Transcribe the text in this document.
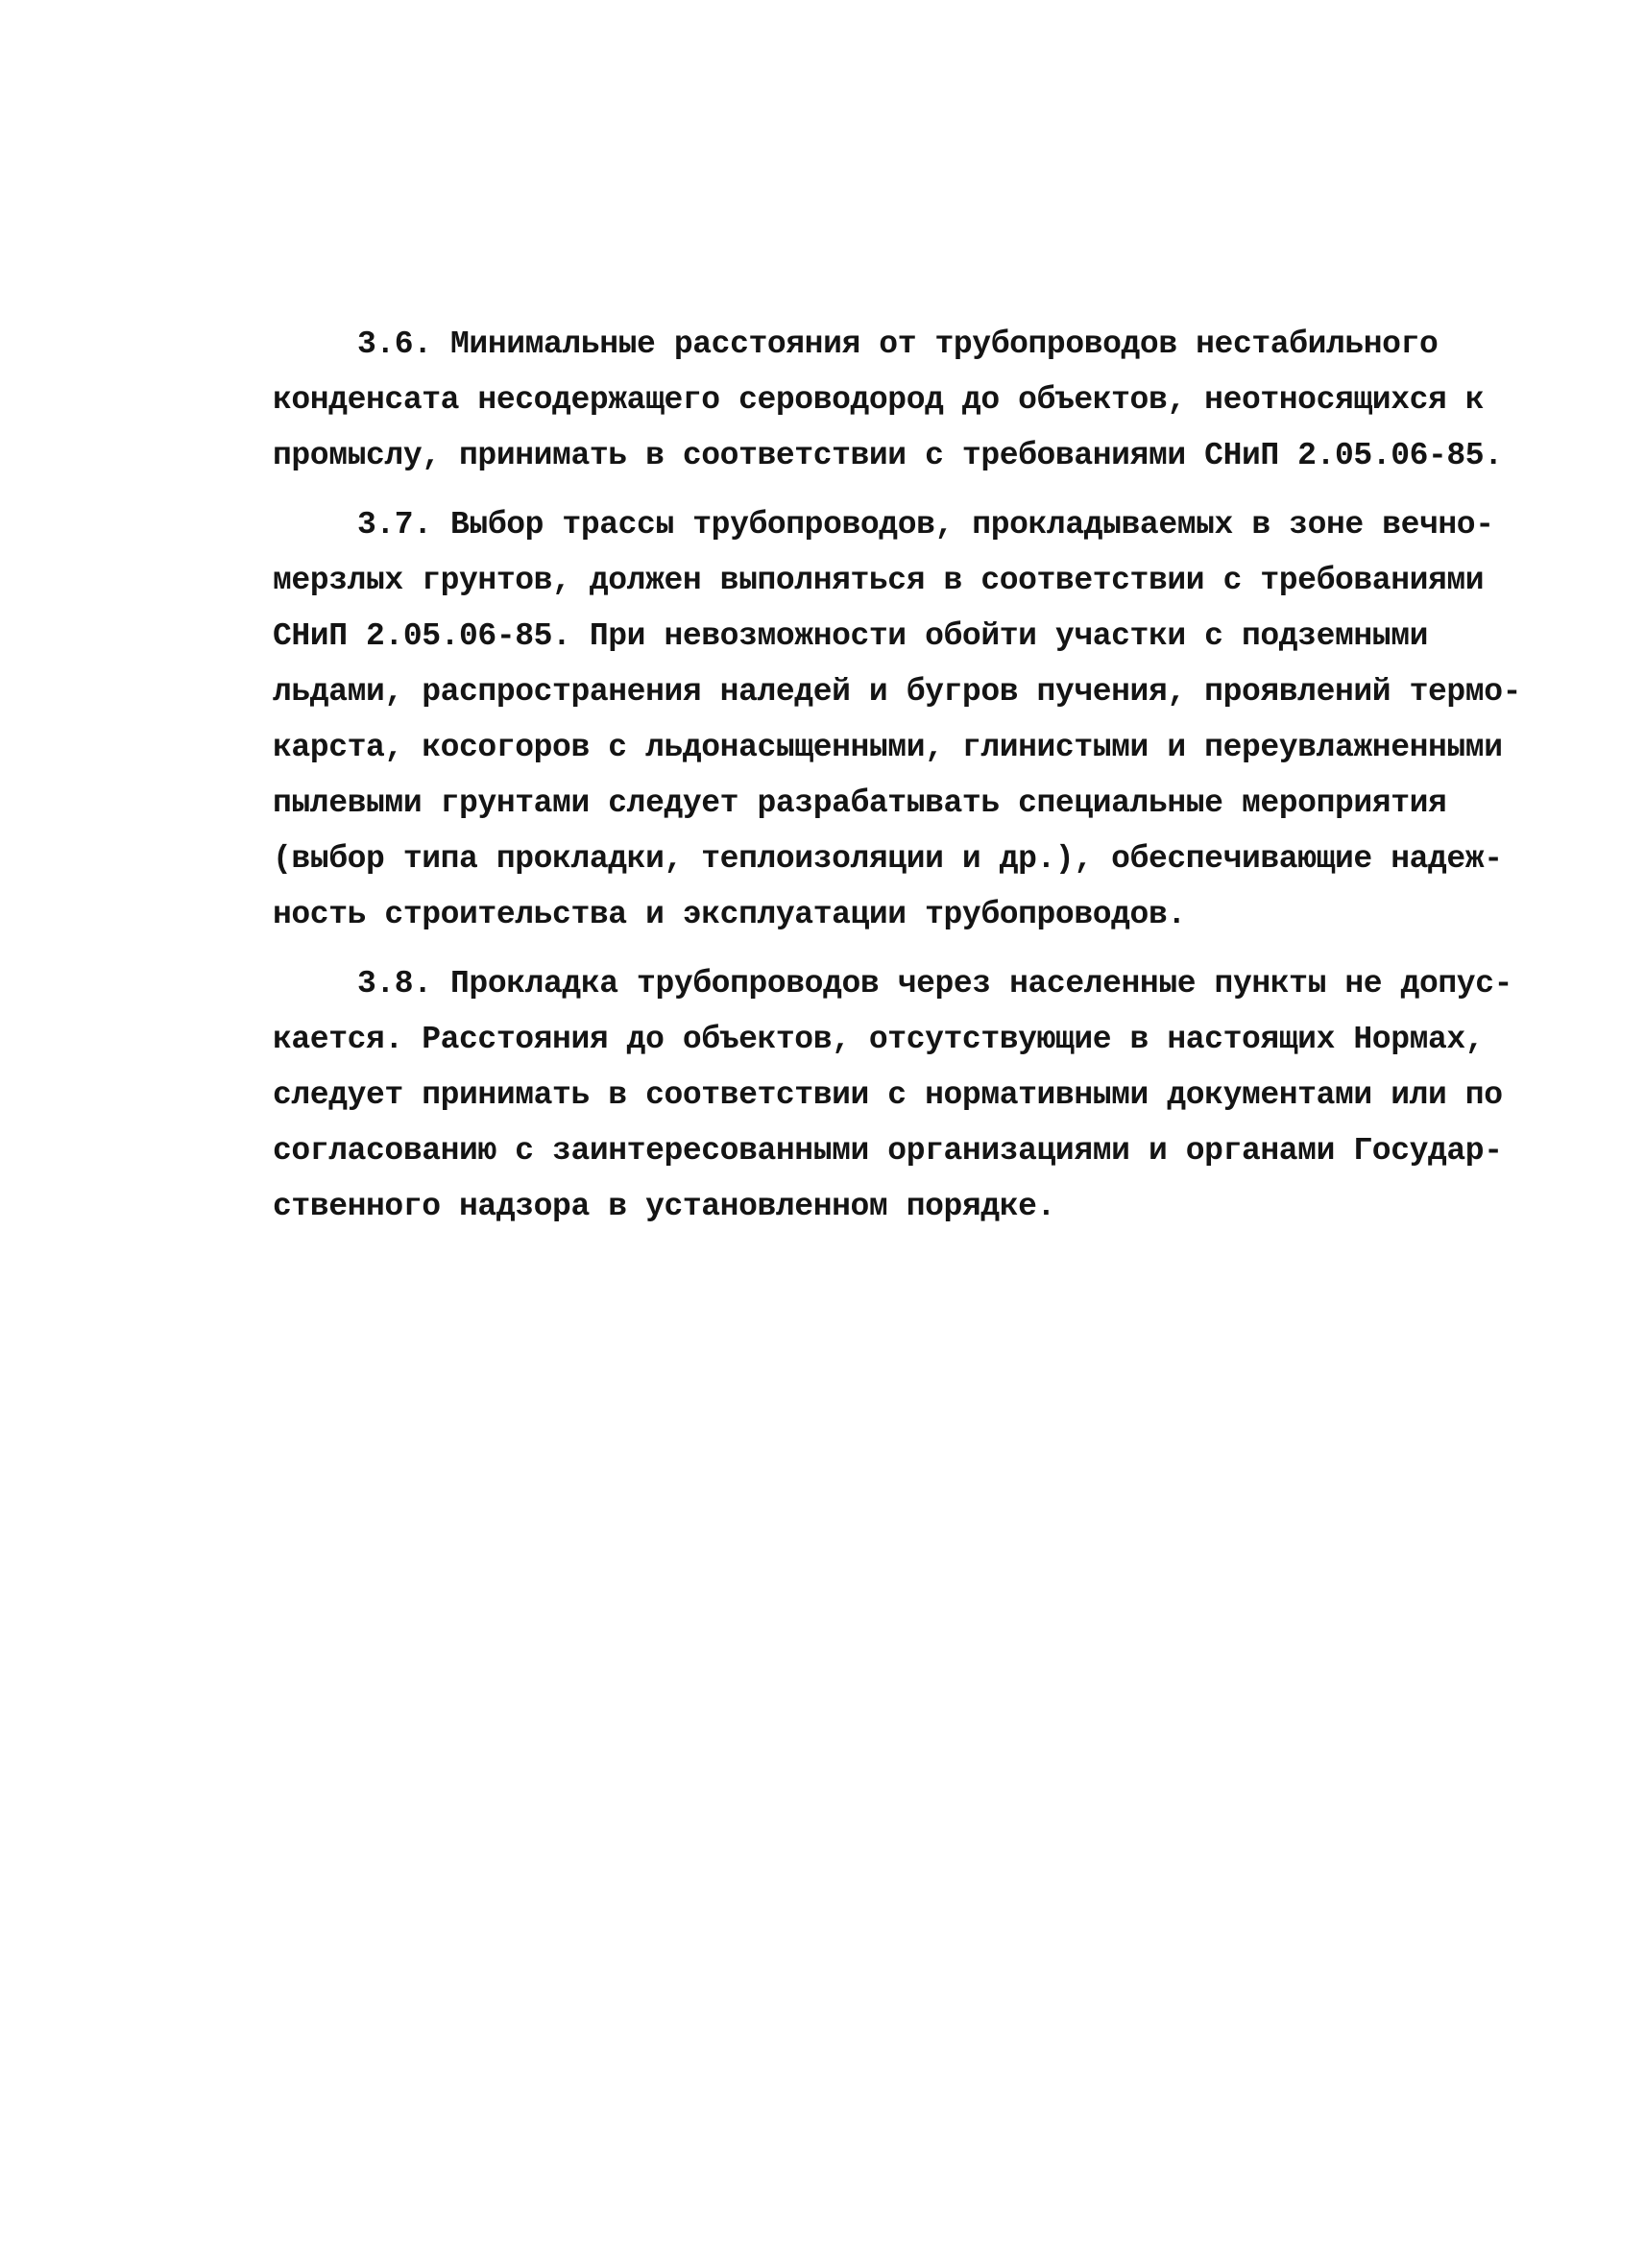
3.6. Минимальные расстояния от трубопроводов нестабильного
конденсата несодержащего сероводород до объектов, неотносящихся к
промыслу, принимать в соответствии с требованиями СНиП 2.05.06-85.
3.7. Выбор трассы трубопроводов, прокладываемых в зоне вечно-
мерзлых грунтов, должен выполняться в соответствии с требованиями
СНиП 2.05.06-85. При невозможности обойти участки с подземными
льдами, распространения наледей и бугров пучения, проявлений термо-
карста, косогоров с льдонасыщенными, глинистыми и переувлажненными
пылевыми грунтами следует разрабатывать специальные мероприятия
(выбор типа прокладки, теплоизоляции и др.), обеспечивающие надеж-
ность строительства и эксплуатации трубопроводов.
3.8. Прокладка трубопроводов через населенные пункты не допус-
кается. Расстояния до объектов, отсутствующие в настоящих Нормах,
следует принимать в соответствии с нормативными документами или по
согласованию с заинтересованными организациями и органами Государ-
ственного надзора в установленном порядке.
